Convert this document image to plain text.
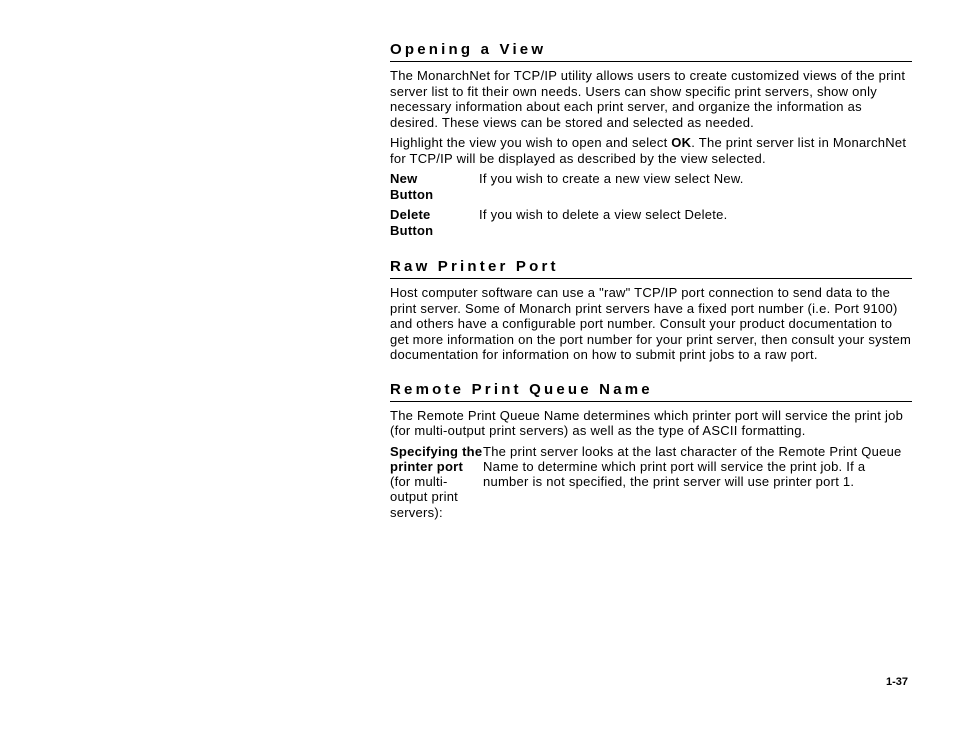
Opening a View

The MonarchNet for TCP/IP utility allows users to create customized views of the print server list to fit their own needs. Users can show specific print servers, show only necessary information about each print server, and organize the information as desired. These views can be stored and selected as needed.

Highlight the view you wish to open and select OK. The print server list in MonarchNet for TCP/IP will be displayed as described by the view selected.

New
Button
If you wish to create a new view select New.
Delete
Button
If you wish to delete a view select Delete.
Raw Printer Port

Host computer software can use a "raw" TCP/IP port connection to send data to the print server. Some of Monarch print servers have a fixed port number (i.e. Port 9100) and others have a configurable port number. Consult your product documentation to get more information on the port number for your print server, then consult your system documentation for information on how to submit print jobs to a raw port.

Remote Print Queue Name

The Remote Print Queue Name determines which printer port will service the print job (for multi-output print servers) as well as the type of ASCII formatting.

Specifying the printer port (for multi-output print servers):
The print server looks at the last character of the Remote Print Queue Name to determine which print port will service the print job. If a number is not specified, the print server will use printer port 1.
1-37
